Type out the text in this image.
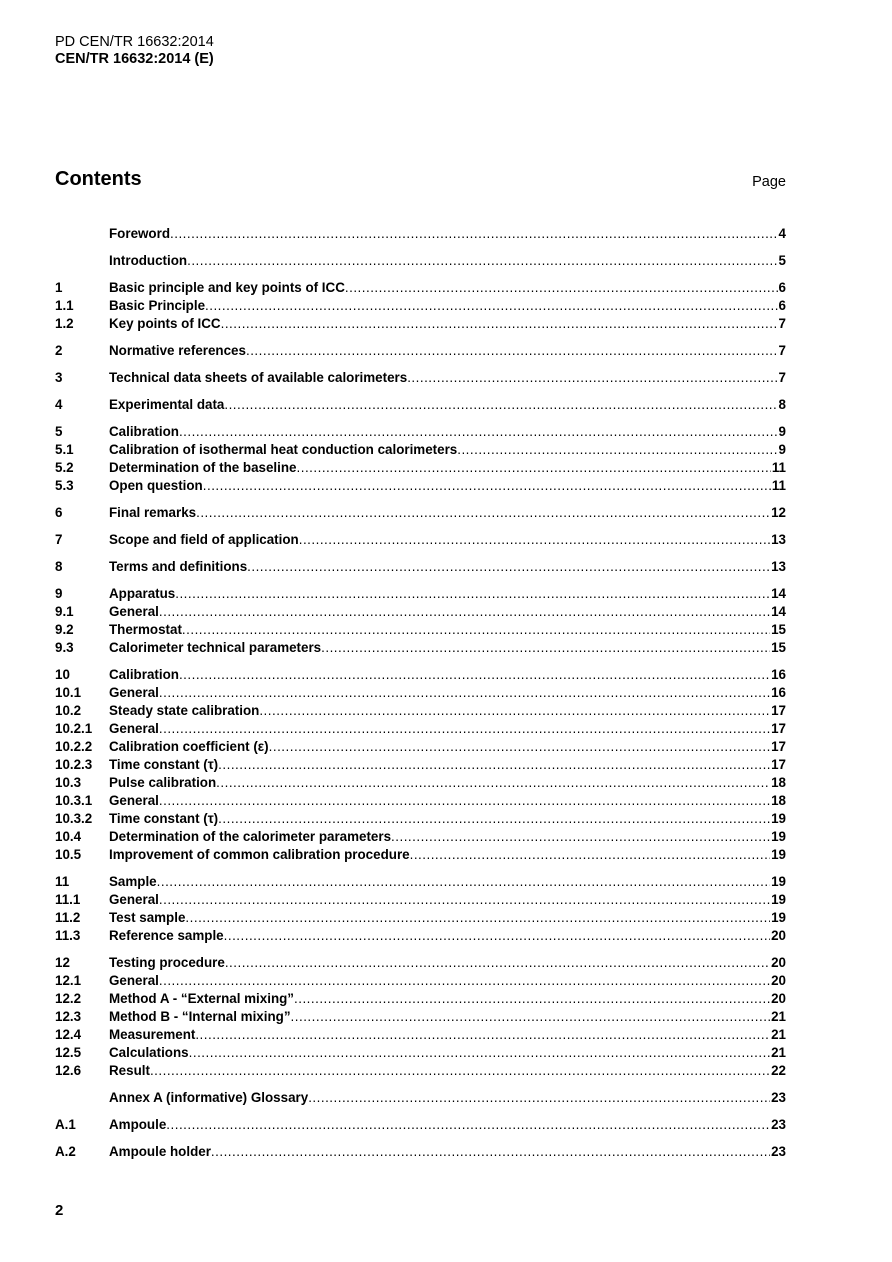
PD CEN/TR 16632:2014
CEN/TR 16632:2014 (E)
Contents	Page
Foreword .....	4
Introduction .....	5
1	Basic principle and key points of ICC .....	6
1.1	Basic Principle .....	6
1.2	Key points of ICC .....	7
2	Normative references .....	7
3	Technical data sheets of available calorimeters .....	7
4	Experimental data .....	8
5	Calibration .....	9
5.1	Calibration of isothermal heat conduction calorimeters .....	9
5.2	Determination of the baseline .....	11
5.3	Open question .....	11
6	Final remarks .....	12
7	Scope and field of application .....	13
8	Terms and definitions .....	13
9	Apparatus .....	14
9.1	General .....	14
9.2	Thermostat .....	15
9.3	Calorimeter technical parameters .....	15
10	Calibration .....	16
10.1	General .....	16
10.2	Steady state calibration .....	17
10.2.1	General .....	17
10.2.2	Calibration coefficient (ε) .....	17
10.2.3	Time constant (τ) .....	17
10.3	Pulse calibration .....	18
10.3.1	General .....	18
10.3.2	Time constant (τ) .....	19
10.4	Determination of the calorimeter parameters .....	19
10.5	Improvement of common calibration procedure .....	19
11	Sample .....	19
11.1	General .....	19
11.2	Test sample .....	19
11.3	Reference sample .....	20
12	Testing procedure .....	20
12.1	General .....	20
12.2	Method A - “External mixing” .....	20
12.3	Method B - “Internal mixing” .....	21
12.4	Measurement .....	21
12.5	Calculations .....	21
12.6	Result .....	22
Annex A (informative) Glossary .....	23
A.1	Ampoule .....	23
A.2	Ampoule holder .....	23
2
